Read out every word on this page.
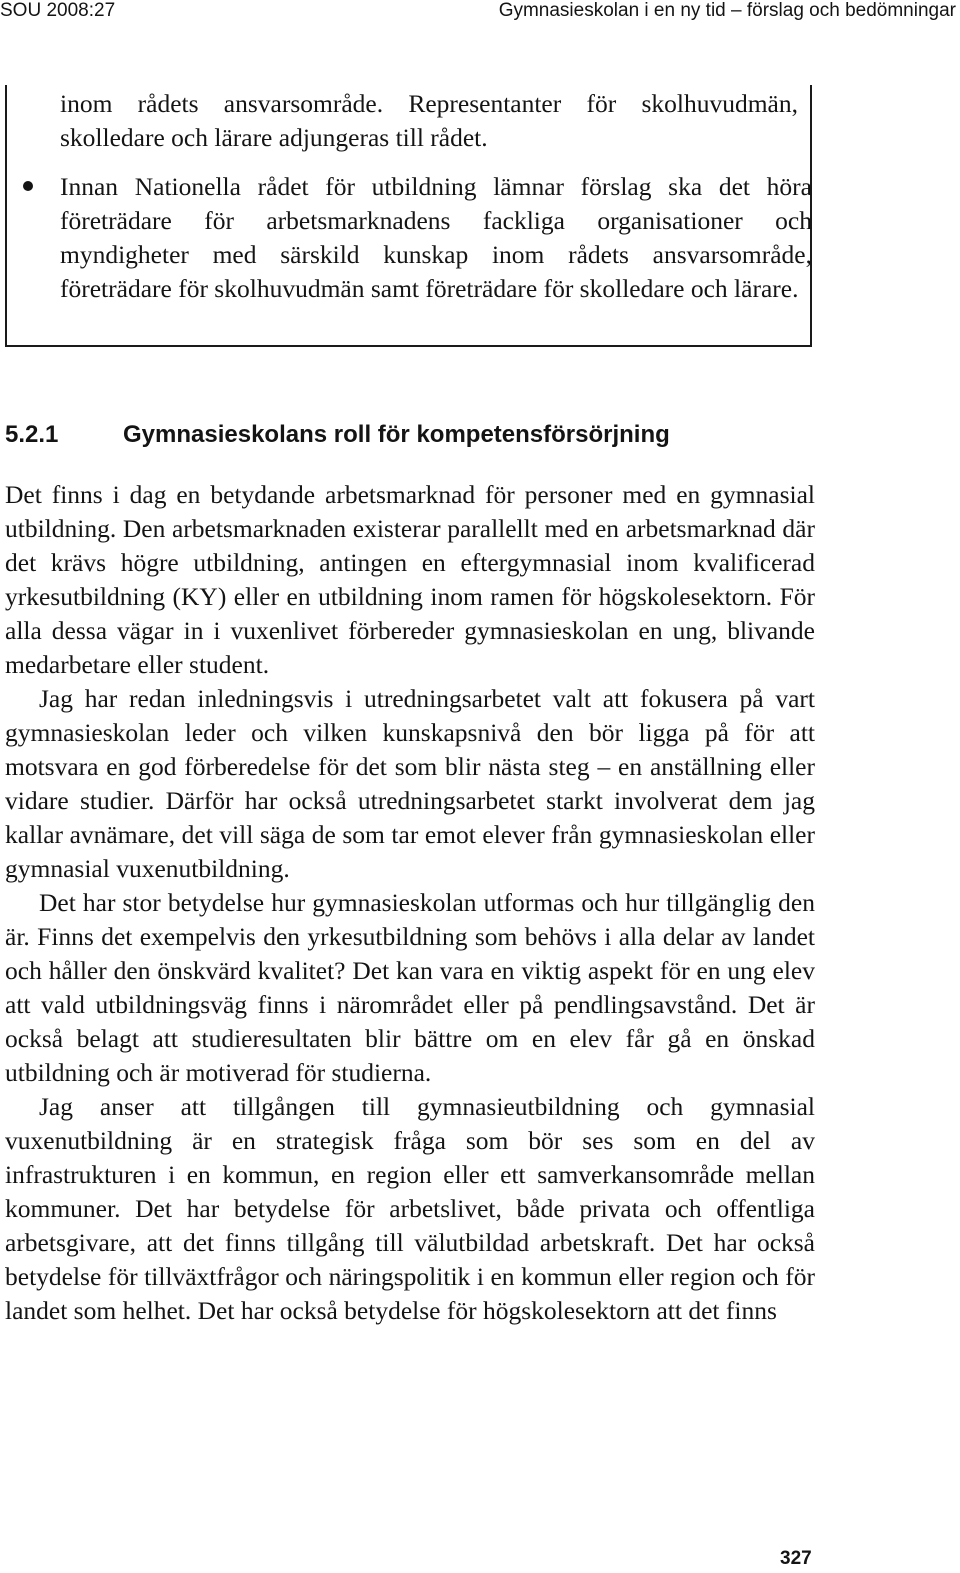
SOU 2008:27	Gymnasieskolan i en ny tid – förslag och bedömningar
inom rådets ansvarsområde. Representanter för skolhuvudmän, skolledare och lärare adjungeras till rådet.
Innan Nationella rådet för utbildning lämnar förslag ska det höra företrädare för arbetsmarknadens fackliga organisationer och myndigheter med särskild kunskap inom rådets ansvarsområde, företrädare för skolhuvudmän samt företrädare för skolledare och lärare.
5.2.1	Gymnasieskolans roll för kompetensförsörjning

Det finns i dag en betydande arbetsmarknad för personer med en gymnasial utbildning. Den arbetsmarknaden existerar parallellt med en arbetsmarknad där det krävs högre utbildning, antingen en eftergymnasial inom kvalificerad yrkesutbildning (KY) eller en utbildning inom ramen för högskolesektorn. För alla dessa vägar in i vuxenlivet förbereder gymnasieskolan en ung, blivande medarbetare eller student.

Jag har redan inledningsvis i utredningsarbetet valt att fokusera på vart gymnasieskolan leder och vilken kunskapsnivå den bör ligga på för att motsvara en god förberedelse för det som blir nästa steg – en anställning eller vidare studier. Därför har också utredningsarbetet starkt involverat dem jag kallar avnämare, det vill säga de som tar emot elever från gymnasieskolan eller gymnasial vuxenutbildning.

Det har stor betydelse hur gymnasieskolan utformas och hur tillgänglig den är. Finns det exempelvis den yrkesutbildning som behövs i alla delar av landet och håller den önskvärd kvalitet? Det kan vara en viktig aspekt för en ung elev att vald utbildningsväg finns i närområdet eller på pendlingsavstånd. Det är också belagt att studieresultaten blir bättre om en elev får gå en önskad utbildning och är motiverad för studierna.

Jag anser att tillgången till gymnasieutbildning och gymnasial vuxenutbildning är en strategisk fråga som bör ses som en del av infrastrukturen i en kommun, en region eller ett samverkansområde mellan kommuner. Det har betydelse för arbetslivet, både privata och offentliga arbetsgivare, att det finns tillgång till välutbildad arbetskraft. Det har också betydelse för tillväxtfrågor och näringspolitik i en kommun eller region och för landet som helhet. Det har också betydelse för högskolesektorn att det finns

327
